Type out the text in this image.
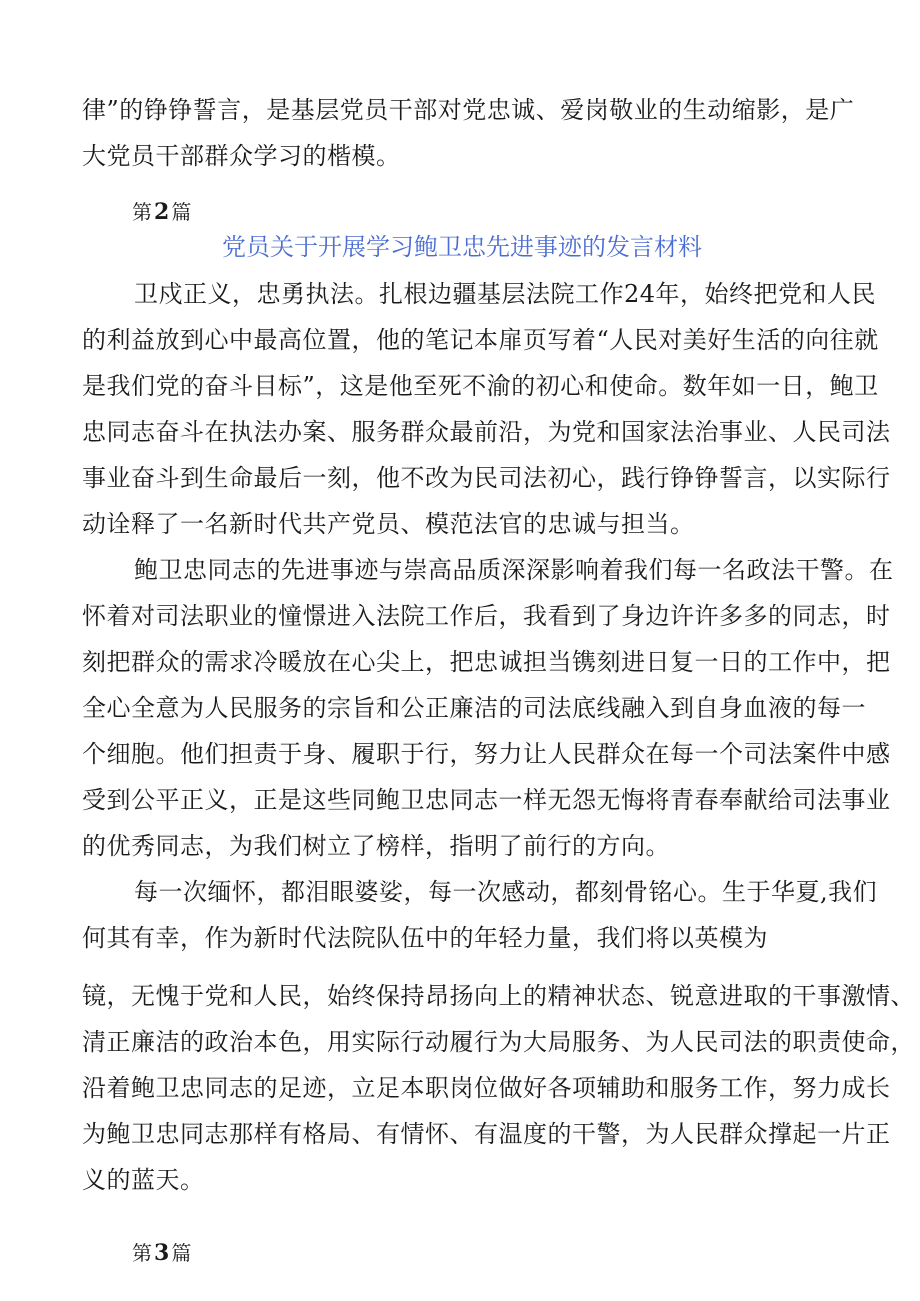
律”的铮铮誓言，是基层党员干部对党忠诚、爱岗敬业的生动缩影，是广
大党员干部群众学习的楷模。
第2 篇
党员关于开展学习鲍卫忠先进事迹的发言材料
卫戍正义，忠勇执法。扎根边疆基层法院工作24年，始终把党和人民
的利益放到心中最高位置，他的笔记本扉页写着“人民对美好生活的向往就
是我们党的奋斗目标”，这是他至死不渝的初心和使命。数年如一日，鲍卫
忠同志奋斗在执法办案、服务群众最前沿，为党和国家法治事业、人民司法
事业奋斗到生命最后一刻，他不改为民司法初心，践行铮铮誓言，以实际行
动诠释了一名新时代共产党员、模范法官的忠诚与担当。
鲍卫忠同志的先进事迹与崇高品质深深影响着我们每一名政法干警。在
怀着对司法职业的憧憬进入法院工作后，我看到了身边许许多多的同志，时
刻把群众的需求冷暖放在心尖上，把忠诚担当镌刻进日复一日的工作中，把
全心全意为人民服务的宗旨和公正廉洁的司法底线融入到自身血液的每一
个细胞。他们担责于身、履职于行，努力让人民群众在每一个司法案件中感
受到公平正义，正是这些同鲍卫忠同志一样无怨无悔将青春奉献给司法事业
的优秀同志，为我们树立了榜样，指明了前行的方向。
每一次缅怀，都泪眼婆娑，每一次感动，都刻骨铭心。生于华夏,我们
何其有幸，作为新时代法院队伍中的年轻力量，我们将以英模为
镜，无愧于党和人民，始终保持昂扬向上的精神状态、锐意进取的干事激情、
清正廉洁的政治本色，用实际行动履行为大局服务、为人民司法的职责使命，
沿着鲍卫忠同志的足迹，立足本职岗位做好各项辅助和服务工作，努力成长
为鲍卫忠同志那样有格局、有情怀、有温度的干警，为人民群众撑起一片正
义的蓝天。
第3 篇
